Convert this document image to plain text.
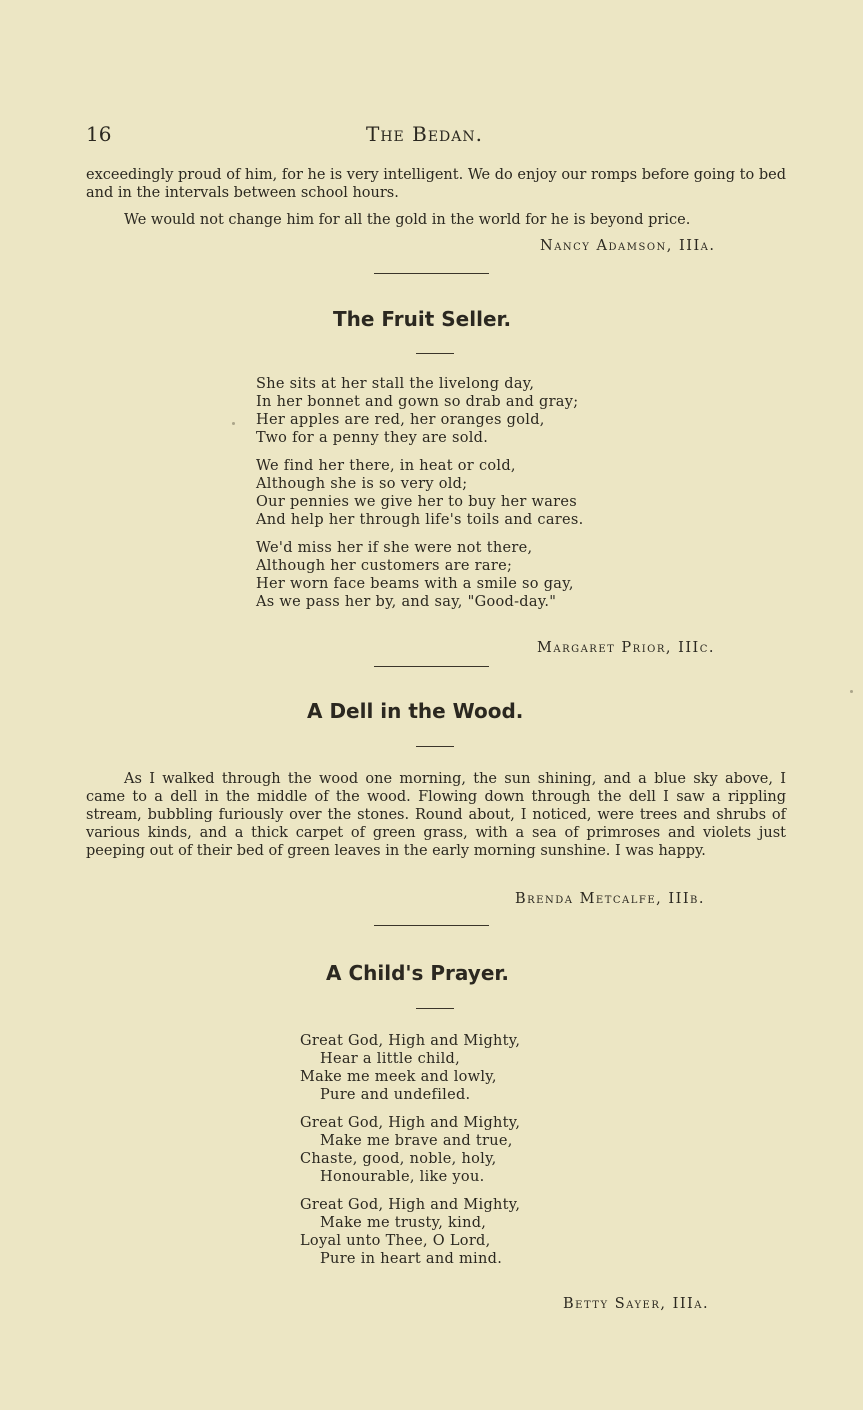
16	The Bedan.

exceedingly proud of him, for he is very intelligent. We do enjoy our romps before going to bed and in the intervals between school hours.

We would not change him for all the gold in the world for he is beyond price.

Nancy Adamson, IIIa.
The Fruit Seller.
She sits at her stall the livelong day,
In her bonnet and gown so drab and gray;
Her apples are red, her oranges gold,
Two for a penny they are sold.
We find her there, in heat or cold,
Although she is so very old;
Our pennies we give her to buy her wares
And help her through life's toils and cares.
We'd miss her if she were not there,
Although her customers are rare;
Her worn face beams with a smile so gay,
As we pass her by, and say, "Good-day."
Margaret Prior, IIIc.
A Dell in the Wood.

As I walked through the wood one morning, the sun shining, and a blue sky above, I came to a dell in the middle of the wood. Flowing down through the dell I saw a rippling stream, bubbling furiously over the stones. Round about, I noticed, were trees and shrubs of various kinds, and a thick carpet of green grass, with a sea of primroses and violets just peeping out of their bed of green leaves in the early morning sunshine. I was happy.

Brenda Metcalfe, IIIb.
A Child's Prayer.
Great God, High and Mighty,
Hear a little child,
Make me meek and lowly,
Pure and undefiled.
Great God, High and Mighty,
Make me brave and true,
Chaste, good, noble, holy,
Honourable, like you.
Great God, High and Mighty,
Make me trusty, kind,
Loyal unto Thee, O Lord,
Pure in heart and mind.
Betty Sayer, IIIa.
